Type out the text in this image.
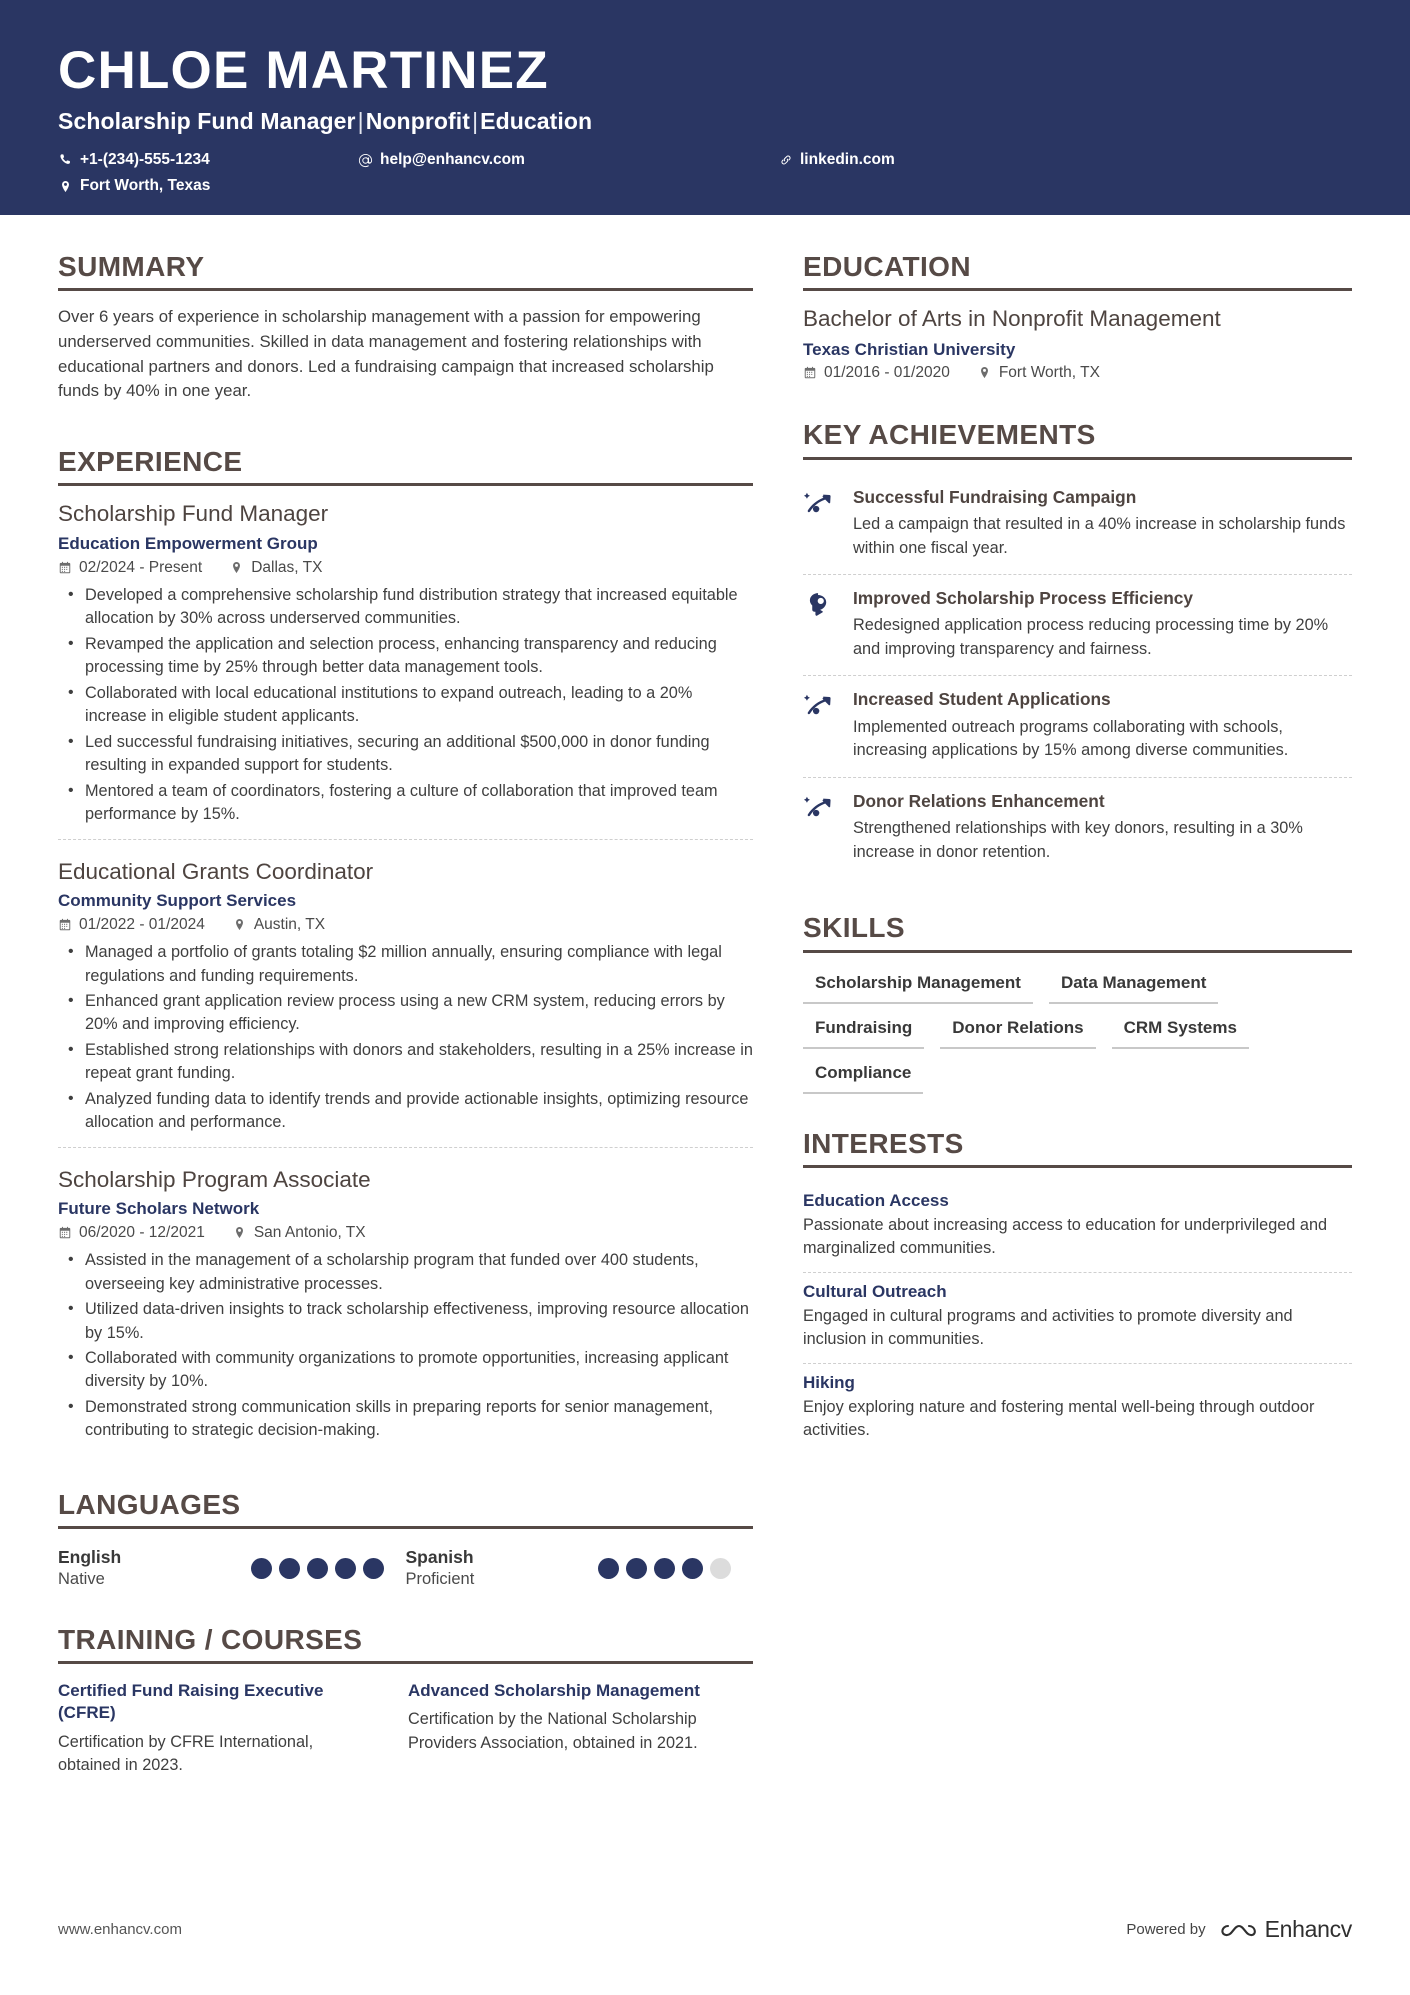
CHLOE MARTINEZ
Scholarship Fund Manager|Nonprofit|Education
+1-(234)-555-1234	help@enhancv.com	linkedin.com
Fort Worth, Texas
SUMMARY
Over 6 years of experience in scholarship management with a passion for empowering underserved communities. Skilled in data management and fostering relationships with educational partners and donors. Led a fundraising campaign that increased scholarship funds by 40% in one year.
EXPERIENCE
Scholarship Fund Manager
Education Empowerment Group
02/2024 - Present	Dallas, TX
• Developed a comprehensive scholarship fund distribution strategy that increased equitable allocation by 30% across underserved communities.
• Revamped the application and selection process, enhancing transparency and reducing processing time by 25% through better data management tools.
• Collaborated with local educational institutions to expand outreach, leading to a 20% increase in eligible student applicants.
• Led successful fundraising initiatives, securing an additional $500,000 in donor funding resulting in expanded support for students.
• Mentored a team of coordinators, fostering a culture of collaboration that improved team performance by 15%.
Educational Grants Coordinator
Community Support Services
01/2022 - 01/2024	Austin, TX
• Managed a portfolio of grants totaling $2 million annually, ensuring compliance with legal regulations and funding requirements.
• Enhanced grant application review process using a new CRM system, reducing errors by 20% and improving efficiency.
• Established strong relationships with donors and stakeholders, resulting in a 25% increase in repeat grant funding.
• Analyzed funding data to identify trends and provide actionable insights, optimizing resource allocation and performance.
Scholarship Program Associate
Future Scholars Network
06/2020 - 12/2021	San Antonio, TX
• Assisted in the management of a scholarship program that funded over 400 students, overseeing key administrative processes.
• Utilized data-driven insights to track scholarship effectiveness, improving resource allocation by 15%.
• Collaborated with community organizations to promote opportunities, increasing applicant diversity by 10%.
• Demonstrated strong communication skills in preparing reports for senior management, contributing to strategic decision-making.
LANGUAGES
English
Native
Spanish
Proficient
TRAINING / COURSES
Certified Fund Raising Executive (CFRE)
Certification by CFRE International, obtained in 2023.
Advanced Scholarship Management
Certification by the National Scholarship Providers Association, obtained in 2021.
EDUCATION
Bachelor of Arts in Nonprofit Management
Texas Christian University
01/2016 - 01/2020	Fort Worth, TX
KEY ACHIEVEMENTS
Successful Fundraising Campaign
Led a campaign that resulted in a 40% increase in scholarship funds within one fiscal year.
Improved Scholarship Process Efficiency
Redesigned application process reducing processing time by 20% and improving transparency and fairness.
Increased Student Applications
Implemented outreach programs collaborating with schools, increasing applications by 15% among diverse communities.
Donor Relations Enhancement
Strengthened relationships with key donors, resulting in a 30% increase in donor retention.
SKILLS
Scholarship Management	Data Management
Fundraising	Donor Relations	CRM Systems
Compliance
INTERESTS
Education Access
Passionate about increasing access to education for underprivileged and marginalized communities.
Cultural Outreach
Engaged in cultural programs and activities to promote diversity and inclusion in communities.
Hiking
Enjoy exploring nature and fostering mental well-being through outdoor activities.
www.enhancv.com	Powered by	Enhancv
